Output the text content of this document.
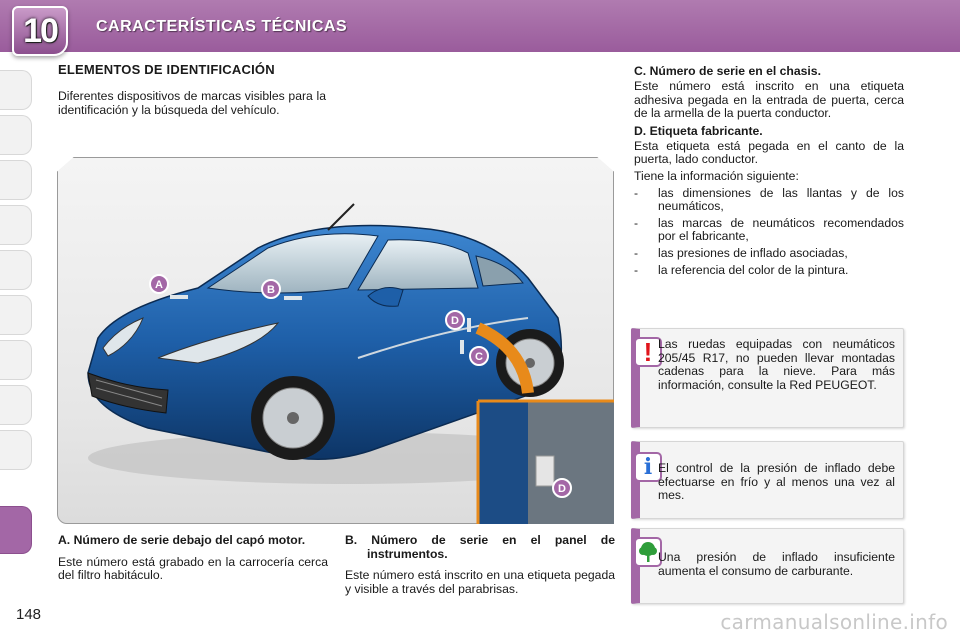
10	CARACTERÍSTICAS TÉCNICAS
148
ELEMENTOS DE IDENTIFICACIÓN
Diferentes dispositivos de marcas visibles para la identificación y la búsqueda del vehículo.
A	B
C
D
D
A. Número de serie debajo del capó motor.
Este número está grabado en la carrocería cerca del filtro habitáculo.
B. Número de serie en el panel de instrumentos.
Este número está inscrito en una etiqueta pegada y visible a través del parabrisas.
C. Número de serie en el chasis.
Este número está inscrito en una etiqueta adhesiva pegada en la entrada de puerta, cerca de la armella de la puerta conductor.
D. Etiqueta fabricante.
Esta etiqueta está pegada en el canto de la puerta, lado conductor.
Tiene la información siguiente:
- las dimensiones de las llantas y de los neumáticos,
- las marcas de neumáticos recomendados por el fabricante,
- las presiones de inflado asociadas,
- la referencia del color de la pintura.
! Las ruedas equipadas con neumáticos 205/45 R17, no pueden llevar montadas cadenas para la nieve. Para más información, consulte la Red PEUGEOT.
i El control de la presión de inflado debe efectuarse en frío y al menos una vez al mes.
Una presión de inflado insuficiente aumenta el consumo de carburante.
carmanualsonline.info
